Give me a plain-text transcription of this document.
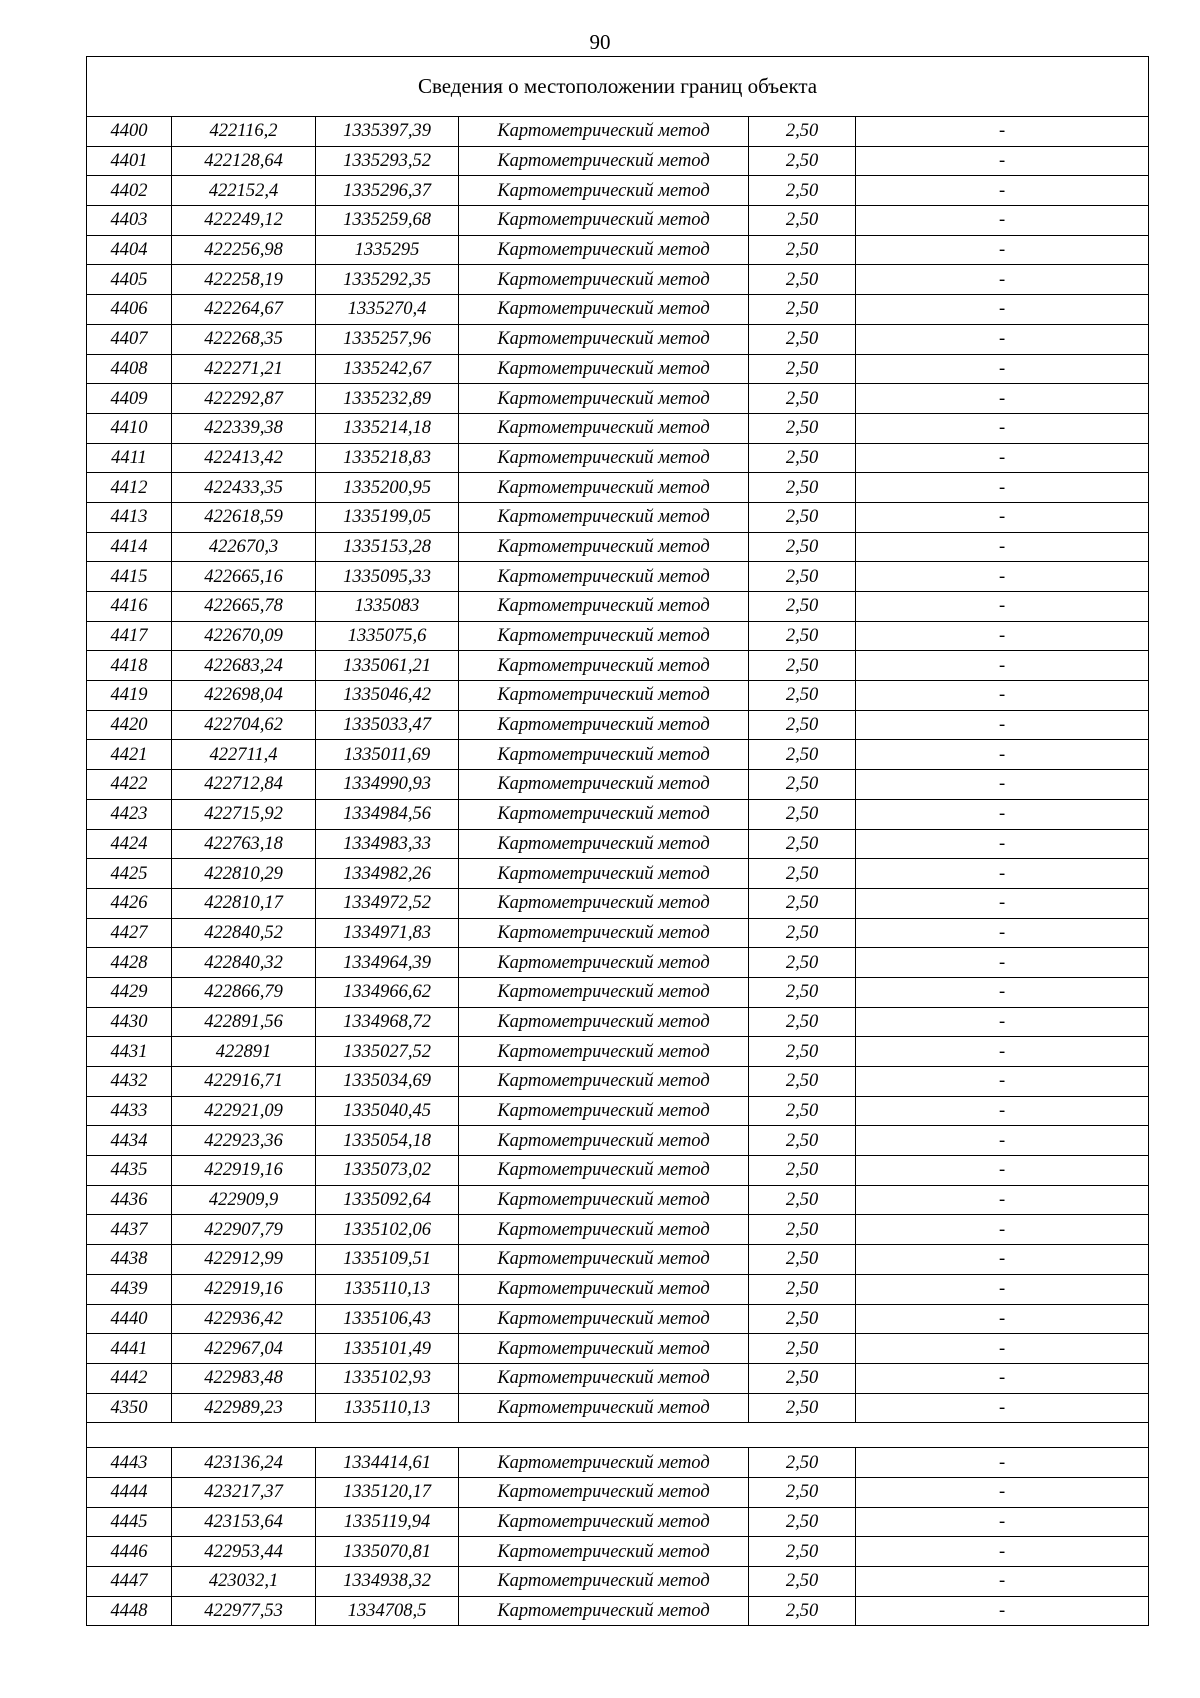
90
Сведения о местоположении границ объекта					
4400	422116,2	1335397,39	Картометрический метод	2,50	-
4401	422128,64	1335293,52	Картометрический метод	2,50	-
4402	422152,4	1335296,37	Картометрический метод	2,50	-
4403	422249,12	1335259,68	Картометрический метод	2,50	-
4404	422256,98	1335295	Картометрический метод	2,50	-
4405	422258,19	1335292,35	Картометрический метод	2,50	-
4406	422264,67	1335270,4	Картометрический метод	2,50	-
4407	422268,35	1335257,96	Картометрический метод	2,50	-
4408	422271,21	1335242,67	Картометрический метод	2,50	-
4409	422292,87	1335232,89	Картометрический метод	2,50	-
4410	422339,38	1335214,18	Картометрический метод	2,50	-
4411	422413,42	1335218,83	Картометрический метод	2,50	-
4412	422433,35	1335200,95	Картометрический метод	2,50	-
4413	422618,59	1335199,05	Картометрический метод	2,50	-
4414	422670,3	1335153,28	Картометрический метод	2,50	-
4415	422665,16	1335095,33	Картометрический метод	2,50	-
4416	422665,78	1335083	Картометрический метод	2,50	-
4417	422670,09	1335075,6	Картометрический метод	2,50	-
4418	422683,24	1335061,21	Картометрический метод	2,50	-
4419	422698,04	1335046,42	Картометрический метод	2,50	-
4420	422704,62	1335033,47	Картометрический метод	2,50	-
4421	422711,4	1335011,69	Картометрический метод	2,50	-
4422	422712,84	1334990,93	Картометрический метод	2,50	-
4423	422715,92	1334984,56	Картометрический метод	2,50	-
4424	422763,18	1334983,33	Картометрический метод	2,50	-
4425	422810,29	1334982,26	Картометрический метод	2,50	-
4426	422810,17	1334972,52	Картометрический метод	2,50	-
4427	422840,52	1334971,83	Картометрический метод	2,50	-
4428	422840,32	1334964,39	Картометрический метод	2,50	-
4429	422866,79	1334966,62	Картометрический метод	2,50	-
4430	422891,56	1334968,72	Картометрический метод	2,50	-
4431	422891	1335027,52	Картометрический метод	2,50	-
4432	422916,71	1335034,69	Картометрический метод	2,50	-
4433	422921,09	1335040,45	Картометрический метод	2,50	-
4434	422923,36	1335054,18	Картометрический метод	2,50	-
4435	422919,16	1335073,02	Картометрический метод	2,50	-
4436	422909,9	1335092,64	Картометрический метод	2,50	-
4437	422907,79	1335102,06	Картометрический метод	2,50	-
4438	422912,99	1335109,51	Картометрический метод	2,50	-
4439	422919,16	1335110,13	Картометрический метод	2,50	-
4440	422936,42	1335106,43	Картометрический метод	2,50	-
4441	422967,04	1335101,49	Картометрический метод	2,50	-
4442	422983,48	1335102,93	Картометрический метод	2,50	-
4350	422989,23	1335110,13	Картометрический метод	2,50	-

4443	423136,24	1334414,61	Картометрический метод	2,50	-
4444	423217,37	1335120,17	Картометрический метод	2,50	-
4445	423153,64	1335119,94	Картометрический метод	2,50	-
4446	422953,44	1335070,81	Картометрический метод	2,50	-
4447	423032,1	1334938,32	Картометрический метод	2,50	-
4448	422977,53	1334708,5	Картометрический метод	2,50	-
